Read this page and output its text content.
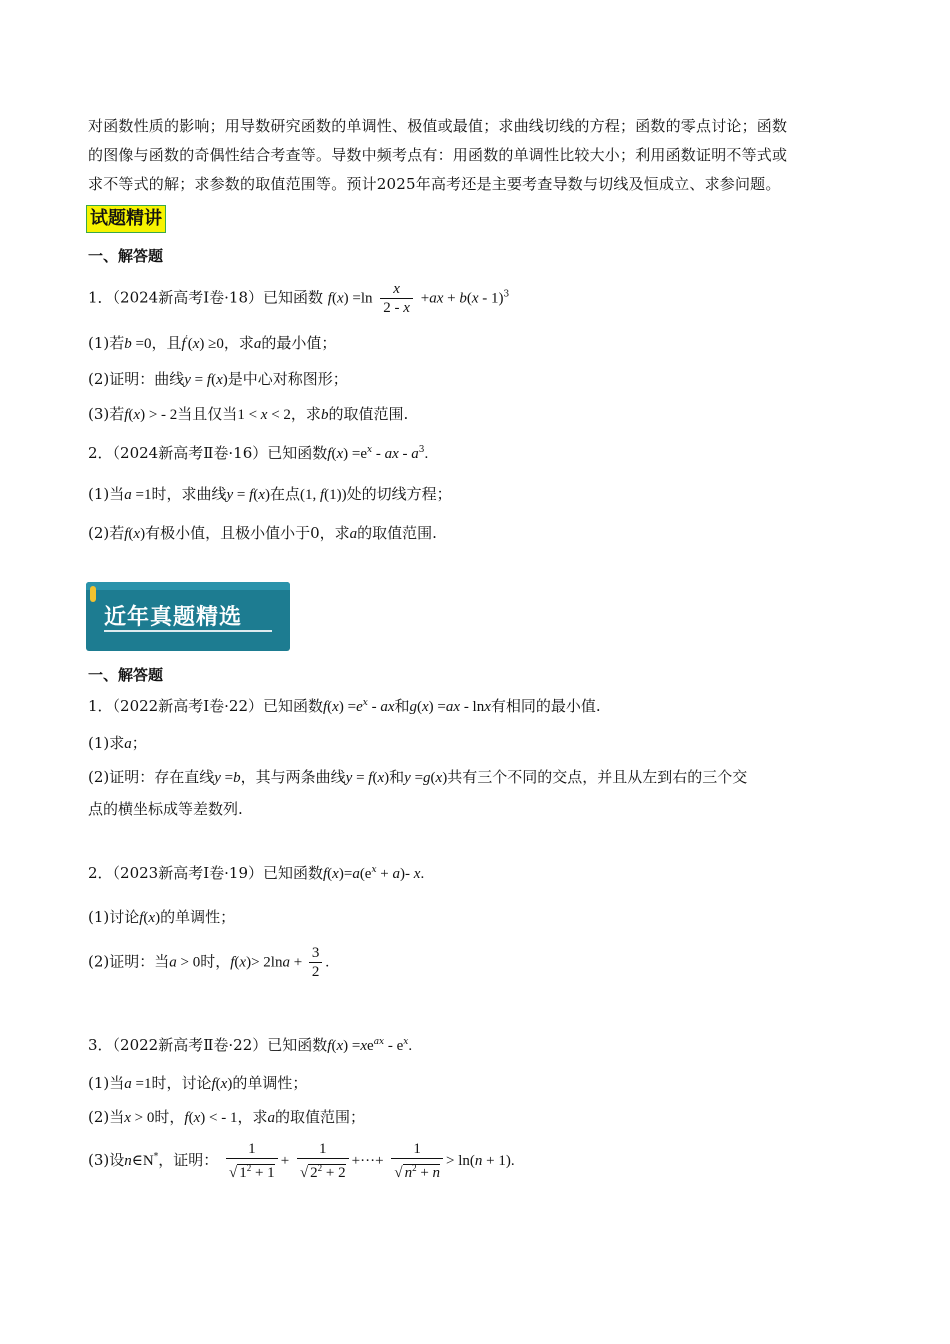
对函数性质的影响；用导数研究函数的单调性、极值或最值；求曲线切线的方程；函数的零点讨论；函数

的图像与函数的奇偶性结合考查等。导数中频考点有：用函数的单调性比较大小；利用函数证明不等式或

求不等式的解；求参数的取值范围等。预计2025年高考还是主要考查导数与切线及恒成立、求参问题。

试题精讲
一、解答题
1．（2024新高考Ⅰ卷·18）已知函数 $f(x) =\ln \frac{x}{2 - x} +ax + b(x - 1)^3$
(1)若b =0，且f′(x) ≥0，求a的最小值；
(2)证明：曲线y = f(x)是中心对称图形；
(3)若f(x) > - 2当且仅当1 < x < 2，求b的取值范围.
2．（2024新高考Ⅱ卷·16）已知函数$f(x) =e^x$ - ax - $a^3$.
(1)当a =1时，求曲线y = f(x)在点(1, f(1))处的切线方程；
(2)若f(x)有极小值，且极小值小于0，求a的取值范围.
近年真题精选
一、解答题
1．（2022新高考Ⅰ卷·22）已知函数$f(x) =e^x$ - ax和g(x) =ax - lnx有相同的最小值.
(1)求a；
(2)证明：存在直线y =b，其与两条曲线y = f(x)和y =g(x)共有三个不同的交点，并且从左到右的三个交
点的横坐标成等差数列.
2．（2023新高考Ⅰ卷·19）已知函数$f(x)=a(e^x + a)-$ x.
(1)讨论f(x)的单调性；
(2)证明：当a > 0时，$f(x)> 2\ln a + \frac{3}{2}$ .
3．（2022新高考Ⅱ卷·22）已知函数$f(x) =xe^{ax} - e^x$.
(1)当a =1时，讨论f(x)的单调性；
(2)当x > 0时，f(x) < - 1，求a的取值范围；
(3)设n∈N*，证明： $\frac{1}{√ 1^2 + 1} + \frac{1}{√ 2^2 + 2}$ +···+ $\frac{1}{√ n^2 + n} > \ln(n + 1)$.
